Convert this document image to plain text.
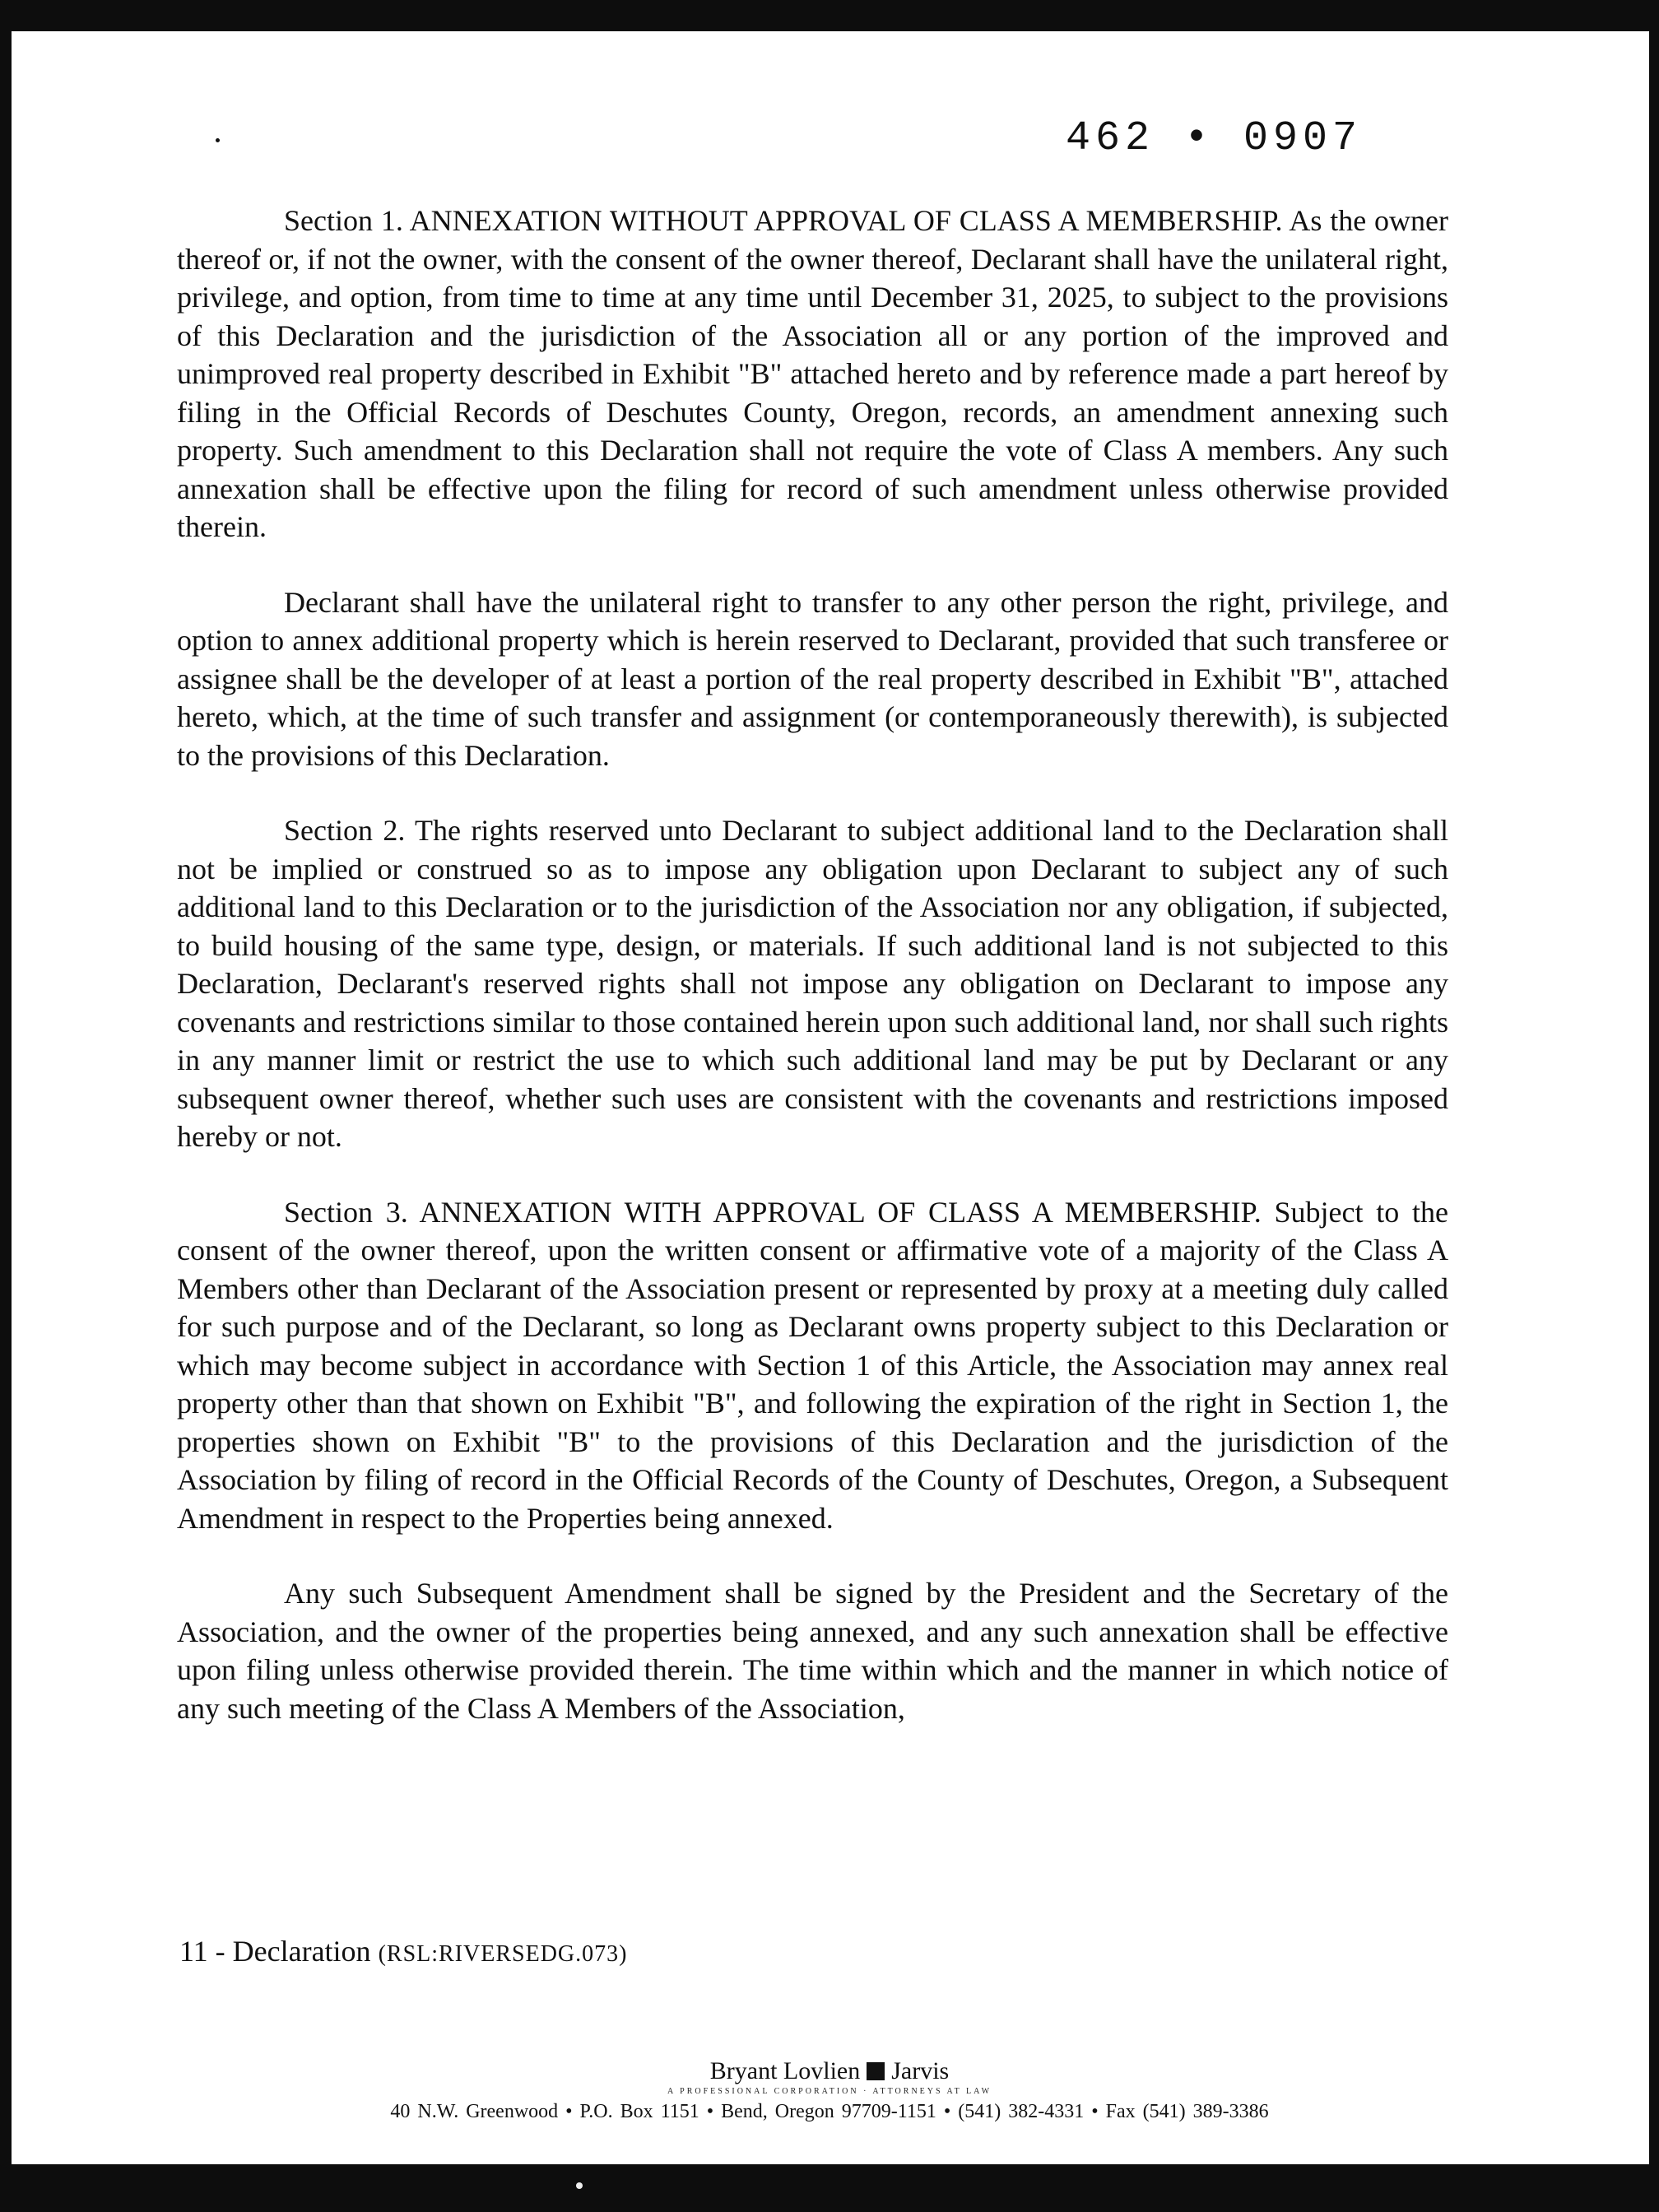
462 • 0907

Section 1. ANNEXATION WITHOUT APPROVAL OF CLASS A MEMBERSHIP. As the owner thereof or, if not the owner, with the consent of the owner thereof, Declarant shall have the unilateral right, privilege, and option, from time to time at any time until December 31, 2025, to subject to the provisions of this Declaration and the jurisdiction of the Association all or any portion of the improved and unimproved real property described in Exhibit "B" attached hereto and by reference made a part hereof by filing in the Official Records of Deschutes County, Oregon, records, an amendment annexing such property. Such amendment to this Declaration shall not require the vote of Class A members. Any such annexation shall be effective upon the filing for record of such amendment unless otherwise provided therein.

Declarant shall have the unilateral right to transfer to any other person the right, privilege, and option to annex additional property which is herein reserved to Declarant, provided that such transferee or assignee shall be the developer of at least a portion of the real property described in Exhibit "B", attached hereto, which, at the time of such transfer and assignment (or contemporaneously therewith), is subjected to the provisions of this Declaration.

Section 2. The rights reserved unto Declarant to subject additional land to the Declaration shall not be implied or construed so as to impose any obligation upon Declarant to subject any of such additional land to this Declaration or to the jurisdiction of the Association nor any obligation, if subjected, to build housing of the same type, design, or materials. If such additional land is not subjected to this Declaration, Declarant's reserved rights shall not impose any obligation on Declarant to impose any covenants and restrictions similar to those contained herein upon such additional land, nor shall such rights in any manner limit or restrict the use to which such additional land may be put by Declarant or any subsequent owner thereof, whether such uses are consistent with the covenants and restrictions imposed hereby or not.

Section 3. ANNEXATION WITH APPROVAL OF CLASS A MEMBERSHIP. Subject to the consent of the owner thereof, upon the written consent or affirmative vote of a majority of the Class A Members other than Declarant of the Association present or represented by proxy at a meeting duly called for such purpose and of the Declarant, so long as Declarant owns property subject to this Declaration or which may become subject in accordance with Section 1 of this Article, the Association may annex real property other than that shown on Exhibit "B", and following the expiration of the right in Section 1, the properties shown on Exhibit "B" to the provisions of this Declaration and the jurisdiction of the Association by filing of record in the Official Records of the County of Deschutes, Oregon, a Subsequent Amendment in respect to the Properties being annexed.

Any such Subsequent Amendment shall be signed by the President and the Secretary of the Association, and the owner of the properties being annexed, and any such annexation shall be effective upon filing unless otherwise provided therein. The time within which and the manner in which notice of any such meeting of the Class A Members of the Association,

11 - Declaration (RSL:RIVERSEDG.073)
Bryant Lovlien Jarvis
A PROFESSIONAL CORPORATION · ATTORNEYS AT LAW
40 N.W. Greenwood • P.O. Box 1151 • Bend, Oregon 97709-1151 • (541) 382-4331 • Fax (541) 389-3386
